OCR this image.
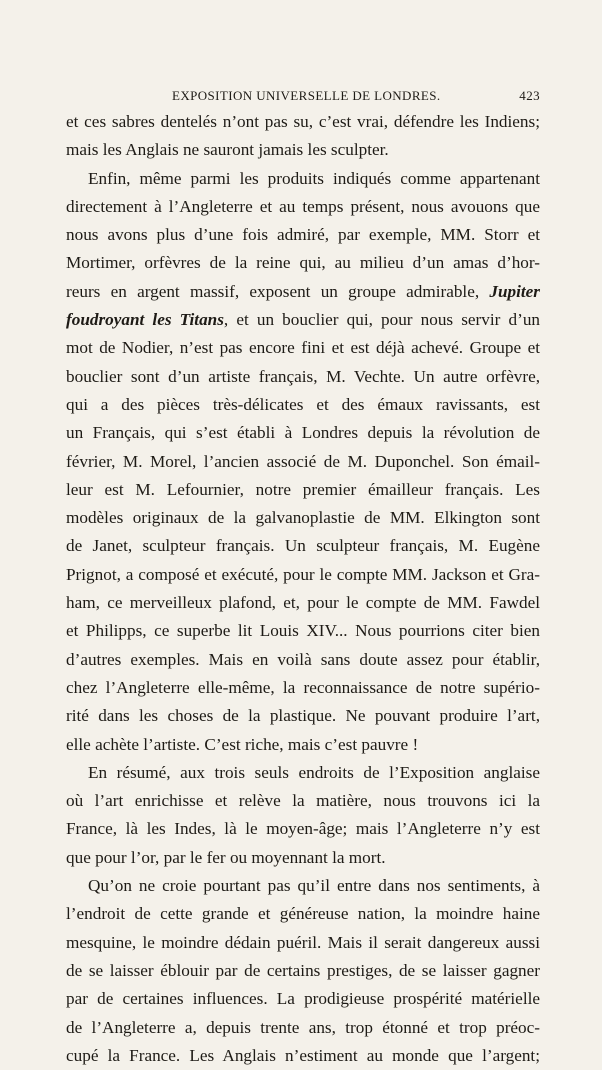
EXPOSITION UNIVERSELLE DE LONDRES.	423
et ces sabres dentelés n’ont pas su, c’est vrai, défendre les Indiens;
mais les Anglais ne sauront jamais les sculpter.
Enfin, même parmi les produits indiqués comme appartenant
directement à l’Angleterre et au temps présent, nous avouons que
nous avons plus d’une fois admiré, par exemple, MM. Storr et
Mortimer, orfèvres de la reine qui, au milieu d’un amas d’hor-
reurs en argent massif, exposent un groupe admirable, Jupiter
foudroyant les Titans, et un bouclier qui, pour nous servir d’un
mot de Nodier, n’est pas encore fini et est déjà achevé. Groupe et
bouclier sont d’un artiste français, M. Vechte. Un autre orfèvre,
qui a des pièces très-délicates et des émaux ravissants, est
un Français, qui s’est établi à Londres depuis la révolution de
février, M. Morel, l’ancien associé de M. Duponchel. Son émail-
leur est M. Lefournier, notre premier émailleur français. Les
modèles originaux de la galvanoplastie de MM. Elkington sont
de Janet, sculpteur français. Un sculpteur français, M. Eugène
Prignot, a composé et exécuté, pour le compte MM. Jackson et Gra-
ham, ce merveilleux plafond, et, pour le compte de MM. Fawdel
et Philipps, ce superbe lit Louis XIV... Nous pourrions citer bien
d’autres exemples. Mais en voilà sans doute assez pour établir,
chez l’Angleterre elle-même, la reconnaissance de notre supério-
rité dans les choses de la plastique. Ne pouvant produire l’art,
elle achète l’artiste. C’est riche, mais c’est pauvre !
En résumé, aux trois seuls endroits de l’Exposition anglaise
où l’art enrichisse et relève la matière, nous trouvons ici la
France, là les Indes, là le moyen-âge; mais l’Angleterre n’y est
que pour l’or, par le fer ou moyennant la mort.
Qu’on ne croie pourtant pas qu’il entre dans nos sentiments, à
l’endroit de cette grande et généreuse nation, la moindre haine
mesquine, le moindre dédain puéril. Mais il serait dangereux aussi
de se laisser éblouir par de certains prestiges, de se laisser gagner
par de certaines influences. La prodigieuse prospérité matérielle
de l’Angleterre a, depuis trente ans, trop étonné et trop préoc-
cupé la France. Les Anglais n’estiment au monde que l’argent;
